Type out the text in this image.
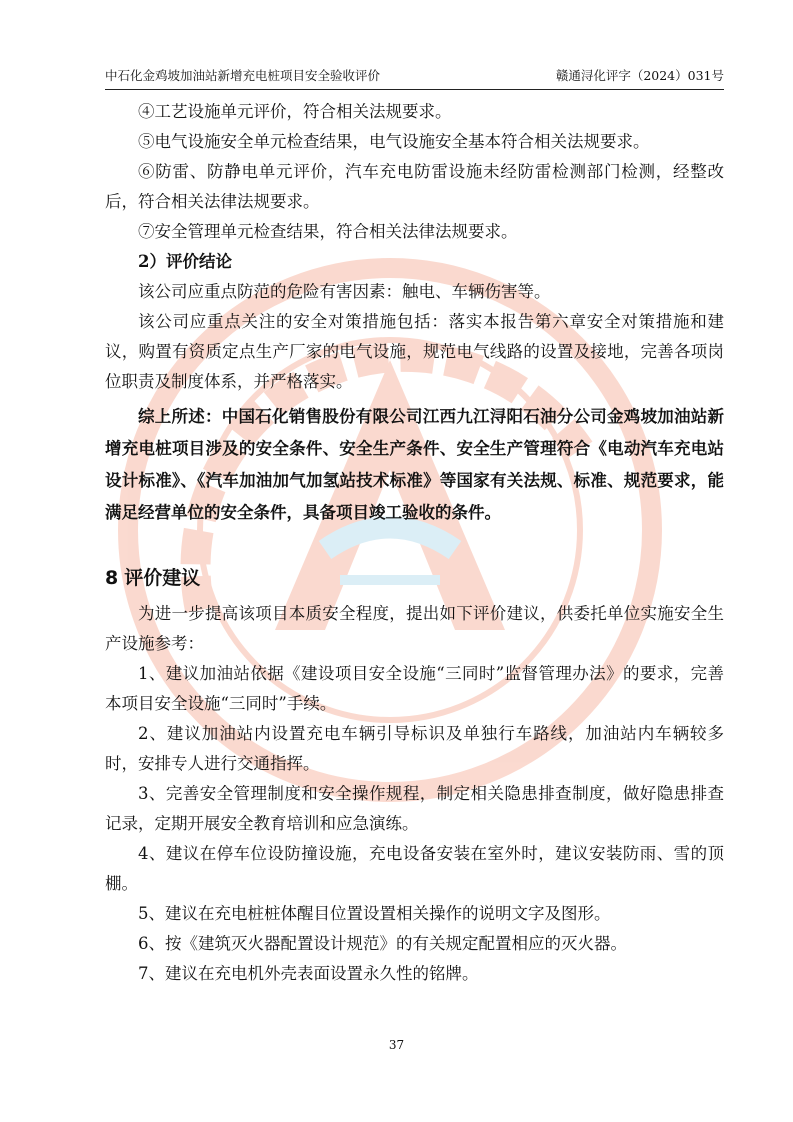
中石化金鸡坡加油站新增充电桩项目安全验收评价	赣通浔化评字（2024）031号

④工艺设施单元评价，符合相关法规要求。

⑤电气设施安全单元检查结果，电气设施安全基本符合相关法规要求。

⑥防雷、防静电单元评价，汽车充电防雷设施未经防雷检测部门检测，经整改后，符合相关法律法规要求。

⑦安全管理单元检查结果，符合相关法律法规要求。

2）评价结论

该公司应重点防范的危险有害因素：触电、车辆伤害等。

该公司应重点关注的安全对策措施包括：落实本报告第六章安全对策措施和建议，购置有资质定点生产厂家的电气设施，规范电气线路的设置及接地，完善各项岗位职责及制度体系，并严格落实。

综上所述：中国石化销售股份有限公司江西九江浔阳石油分公司金鸡坡加油站新增充电桩项目涉及的安全条件、安全生产条件、安全生产管理符合《电动汽车充电站设计标准》、《汽车加油加气加氢站技术标准》等国家有关法规、标准、规范要求，能满足经营单位的安全条件，具备项目竣工验收的条件。

8 评价建议

为进一步提高该项目本质安全程度，提出如下评价建议，供委托单位实施安全生产设施参考：

1、建议加油站依据《建设项目安全设施“三同时”监督管理办法》的要求，完善本项目安全设施“三同时”手续。

2、建议加油站内设置充电车辆引导标识及单独行车路线，加油站内车辆较多时，安排专人进行交通指挥。

3、完善安全管理制度和安全操作规程，制定相关隐患排查制度，做好隐患排查记录，定期开展安全教育培训和应急演练。

4、建议在停车位设防撞设施，充电设备安装在室外时，建议安装防雨、雪的顶棚。

5、建议在充电桩桩体醒目位置设置相关操作的说明文字及图形。

6、按《建筑灭火器配置设计规范》的有关规定配置相应的灭火器。

7、建议在充电机外壳表面设置永久性的铭牌。

37
